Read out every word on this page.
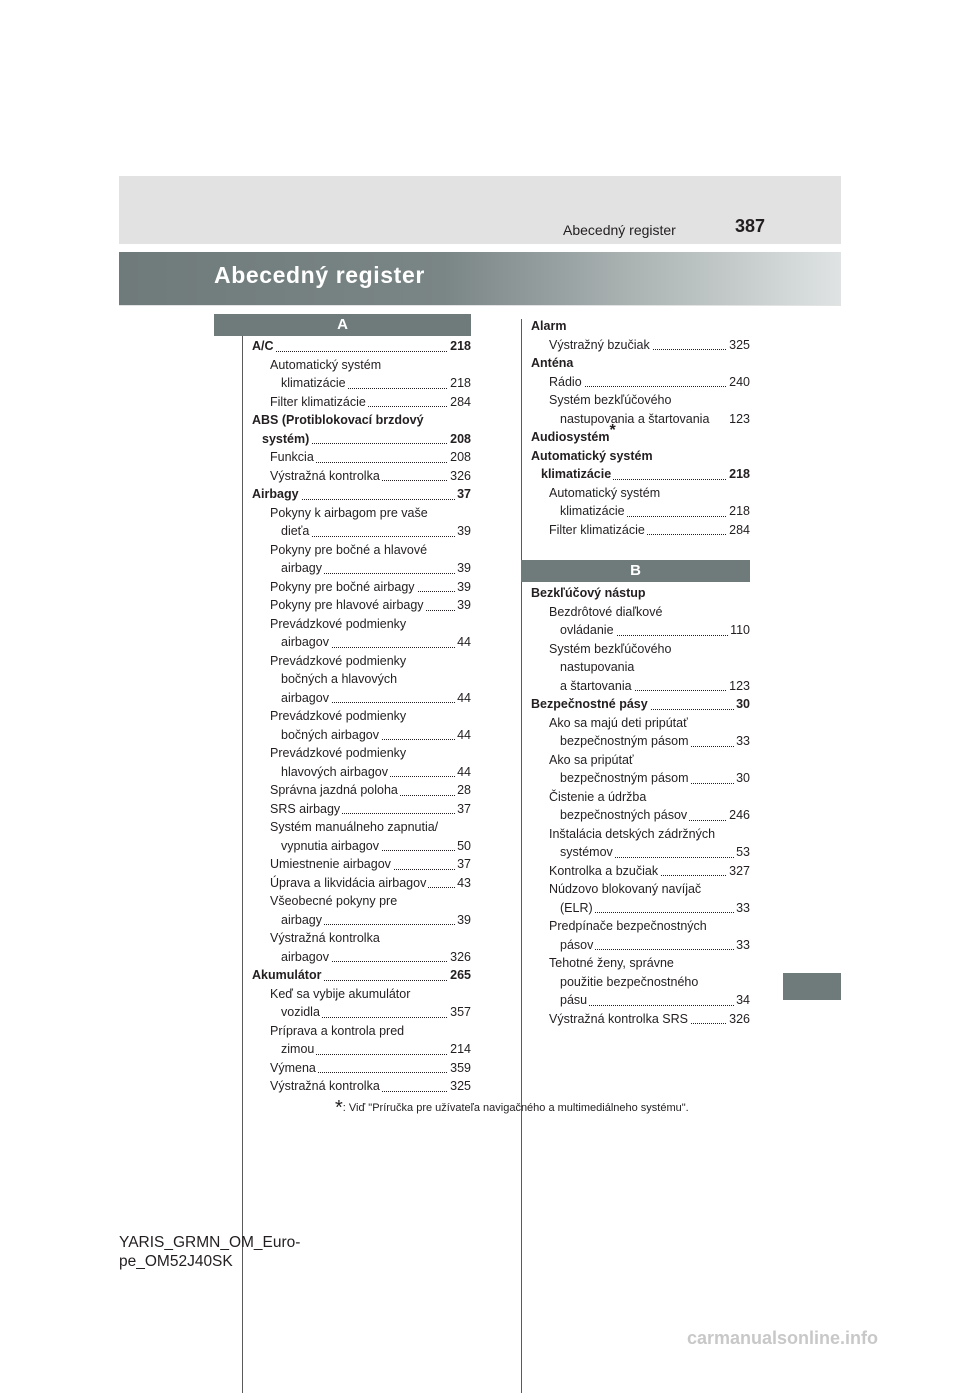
Abecedný register	387
Abecedný register
A
A/C	218
Automatický systém
klimatizácie	218
Filter klimatizácie	284
ABS (Protiblokovací brzdový
systém)	208
Funkcia	208
Výstražná kontrolka	326
Airbagy	37
Pokyny k airbagom pre vaše
dieťa	39
Pokyny pre bočné a hlavové
airbagy	39
Pokyny pre bočné airbagy	39
Pokyny pre hlavové airbagy	39
Prevádzkové podmienky
airbagov	44
Prevádzkové podmienky
bočných a hlavových
airbagov	44
Prevádzkové podmienky
bočných airbagov	44
Prevádzkové podmienky
hlavových airbagov	44
Správna jazdná poloha	28
SRS airbagy	37
Systém manuálneho zapnutia/
vypnutia airbagov	50
Umiestnenie airbagov	37
Úprava a likvidácia airbagov 43
Všeobecné pokyny pre
airbagy	39
Výstražná kontrolka
airbagov	326
Akumulátor	265
Keď sa vybije akumulátor
vozidla	357
Príprava a kontrola pred
zimou	214
Výmena	359
Výstražná kontrolka	325
Alarm
Výstražný bzučiak	325
Anténa
Rádio	240
Systém bezkľúčového
nastupovania a štartovania 123
Audiosystém*
Automatický systém
klimatizácie	218
Automatický systém
klimatizácie	218
Filter klimatizácie	284
B
Bezkľúčový nástup
Bezdrôtové diaľkové
ovládanie	110
Systém bezkľúčového
nastupovania
a štartovania	123
Bezpečnostné pásy	30
Ako sa majú deti pripútať
bezpečnostným pásom	33
Ako sa pripútať
bezpečnostným pásom	30
Čistenie a údržba
bezpečnostných pásov	246
Inštalácia detských zádržných
systémov	53
Kontrolka a bzučiak	327
Núdzovo blokovaný navíjač
(ELR)	33
Predpínače bezpečnostných
pásov	33
Tehotné ženy, správne
použitie bezpečnostného
pásu	34
Výstražná kontrolka SRS	326
*: Viď "Príručka pre užívateľa navigačného a multimediálneho systému".
YARIS_GRMN_OM_Euro-
pe_OM52J40SK
carmanualsonline.info
